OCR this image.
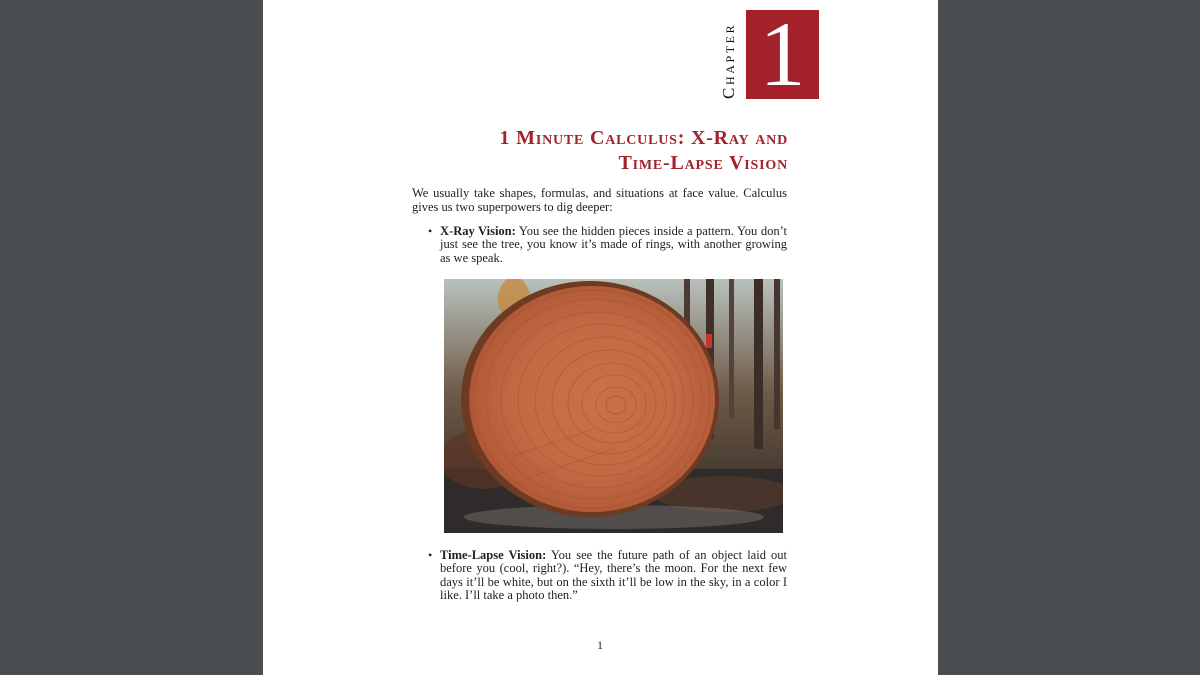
Chapter 1
1 Minute Calculus: X-Ray and
Time-Lapse Vision
We usually take shapes, formulas, and situations at face value. Calculus gives us two superpowers to dig deeper:
• X-Ray Vision: You see the hidden pieces inside a pattern. You don’t just see the tree, you know it’s made of rings, with another growing as we speak.
• Time-Lapse Vision: You see the future path of an object laid out before you (cool, right?). “Hey, there’s the moon. For the next few days it’ll be white, but on the sixth it’ll be low in the sky, in a color I like. I’ll take a photo then.”
1
